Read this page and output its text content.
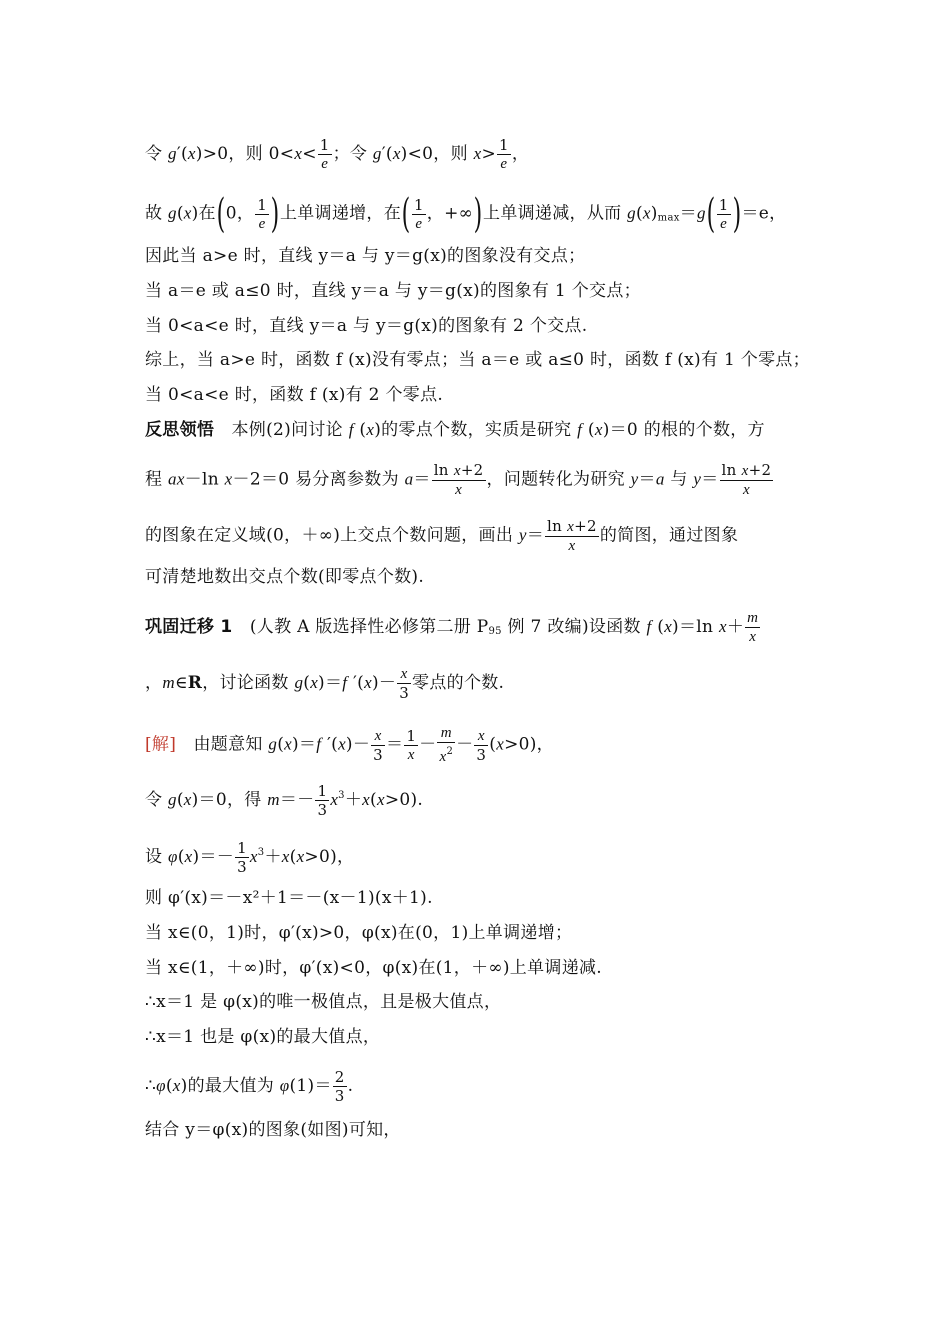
令 g′(x)>0，则 $0<x< \frac{1}{e}$ ；令 g′(x)<0，则 $x> \frac{1}{e}$ ，
故 g(x)在(0， $\frac{1}{e}$ )上单调递增，在( $\frac{1}{e}$ ，+∞)上单调递减，从而 $g(x)_{max}=g( \frac{1}{e} )=e$，
因此当 a>e 时，直线 y＝a 与 y＝g(x)的图象没有交点；
当 a＝e 或 a≤0 时，直线 y＝a 与 y＝g(x)的图象有 1 个交点；
当 0<a<e 时，直线 y＝a 与 y＝g(x)的图象有 2 个交点.
综上，当 a>e 时，函数 f (x)没有零点；当 a＝e 或 a≤0 时，函数 f (x)有 1 个零点；
当 0<a<e 时，函数 f (x)有 2 个零点.
反思领悟　本例(2)问讨论 f (x)的零点个数，实质是研究 f (x)＝0 的根的个数，方
程 ax－ln x－2＝0 易分离参数为 $a= \frac{\text{ln x+2}}{x}$ ，问题转化为研究 y＝a 与 $y= \frac{\text{ln x+2}}{x}$
的图象在定义域(0，＋∞)上交点个数问题，画出 $y= \frac{\text{ln x+2}}{x}$ 的简图，通过图象
可清楚地数出交点个数(即零点个数).
巩固迁移 1　(人教 A 版选择性必修第二册 $P_{95}$ 例 7 改编)设函数 f (x)＝ln $x+ \frac{m}{x}$
，m∈R，讨论函数 g(x)＝f $'(x)- \frac{x}{3}$ 零点的个数.
[解]　由题意知 g(x)＝f $'(x)- \frac{x}{3} = \frac{1}{x} - \frac{m}{x^2} - \frac{x}{3} (x>0)$，
令 g(x)＝0，得 $m=- \frac{1}{3} x^3+x(x>0)$.
设 $\varphi(x)=- \frac{1}{3} x^3+x(x>0)$，
则 φ′(x)＝－x²＋1＝－(x－1)(x＋1).
当 x∈(0，1)时，φ′(x)>0，φ(x)在(0，1)上单调递增；
当 x∈(1，＋∞)时，φ′(x)<0，φ(x)在(1，＋∞)上单调递减.
∴x＝1 是 φ(x)的唯一极值点，且是极大值点，
∴x＝1 也是 φ(x)的最大值点，
∴φ(x)的最大值为 $\varphi(1)= \frac{2}{3}$ .
结合 y＝φ(x)的图象(如图)可知，
